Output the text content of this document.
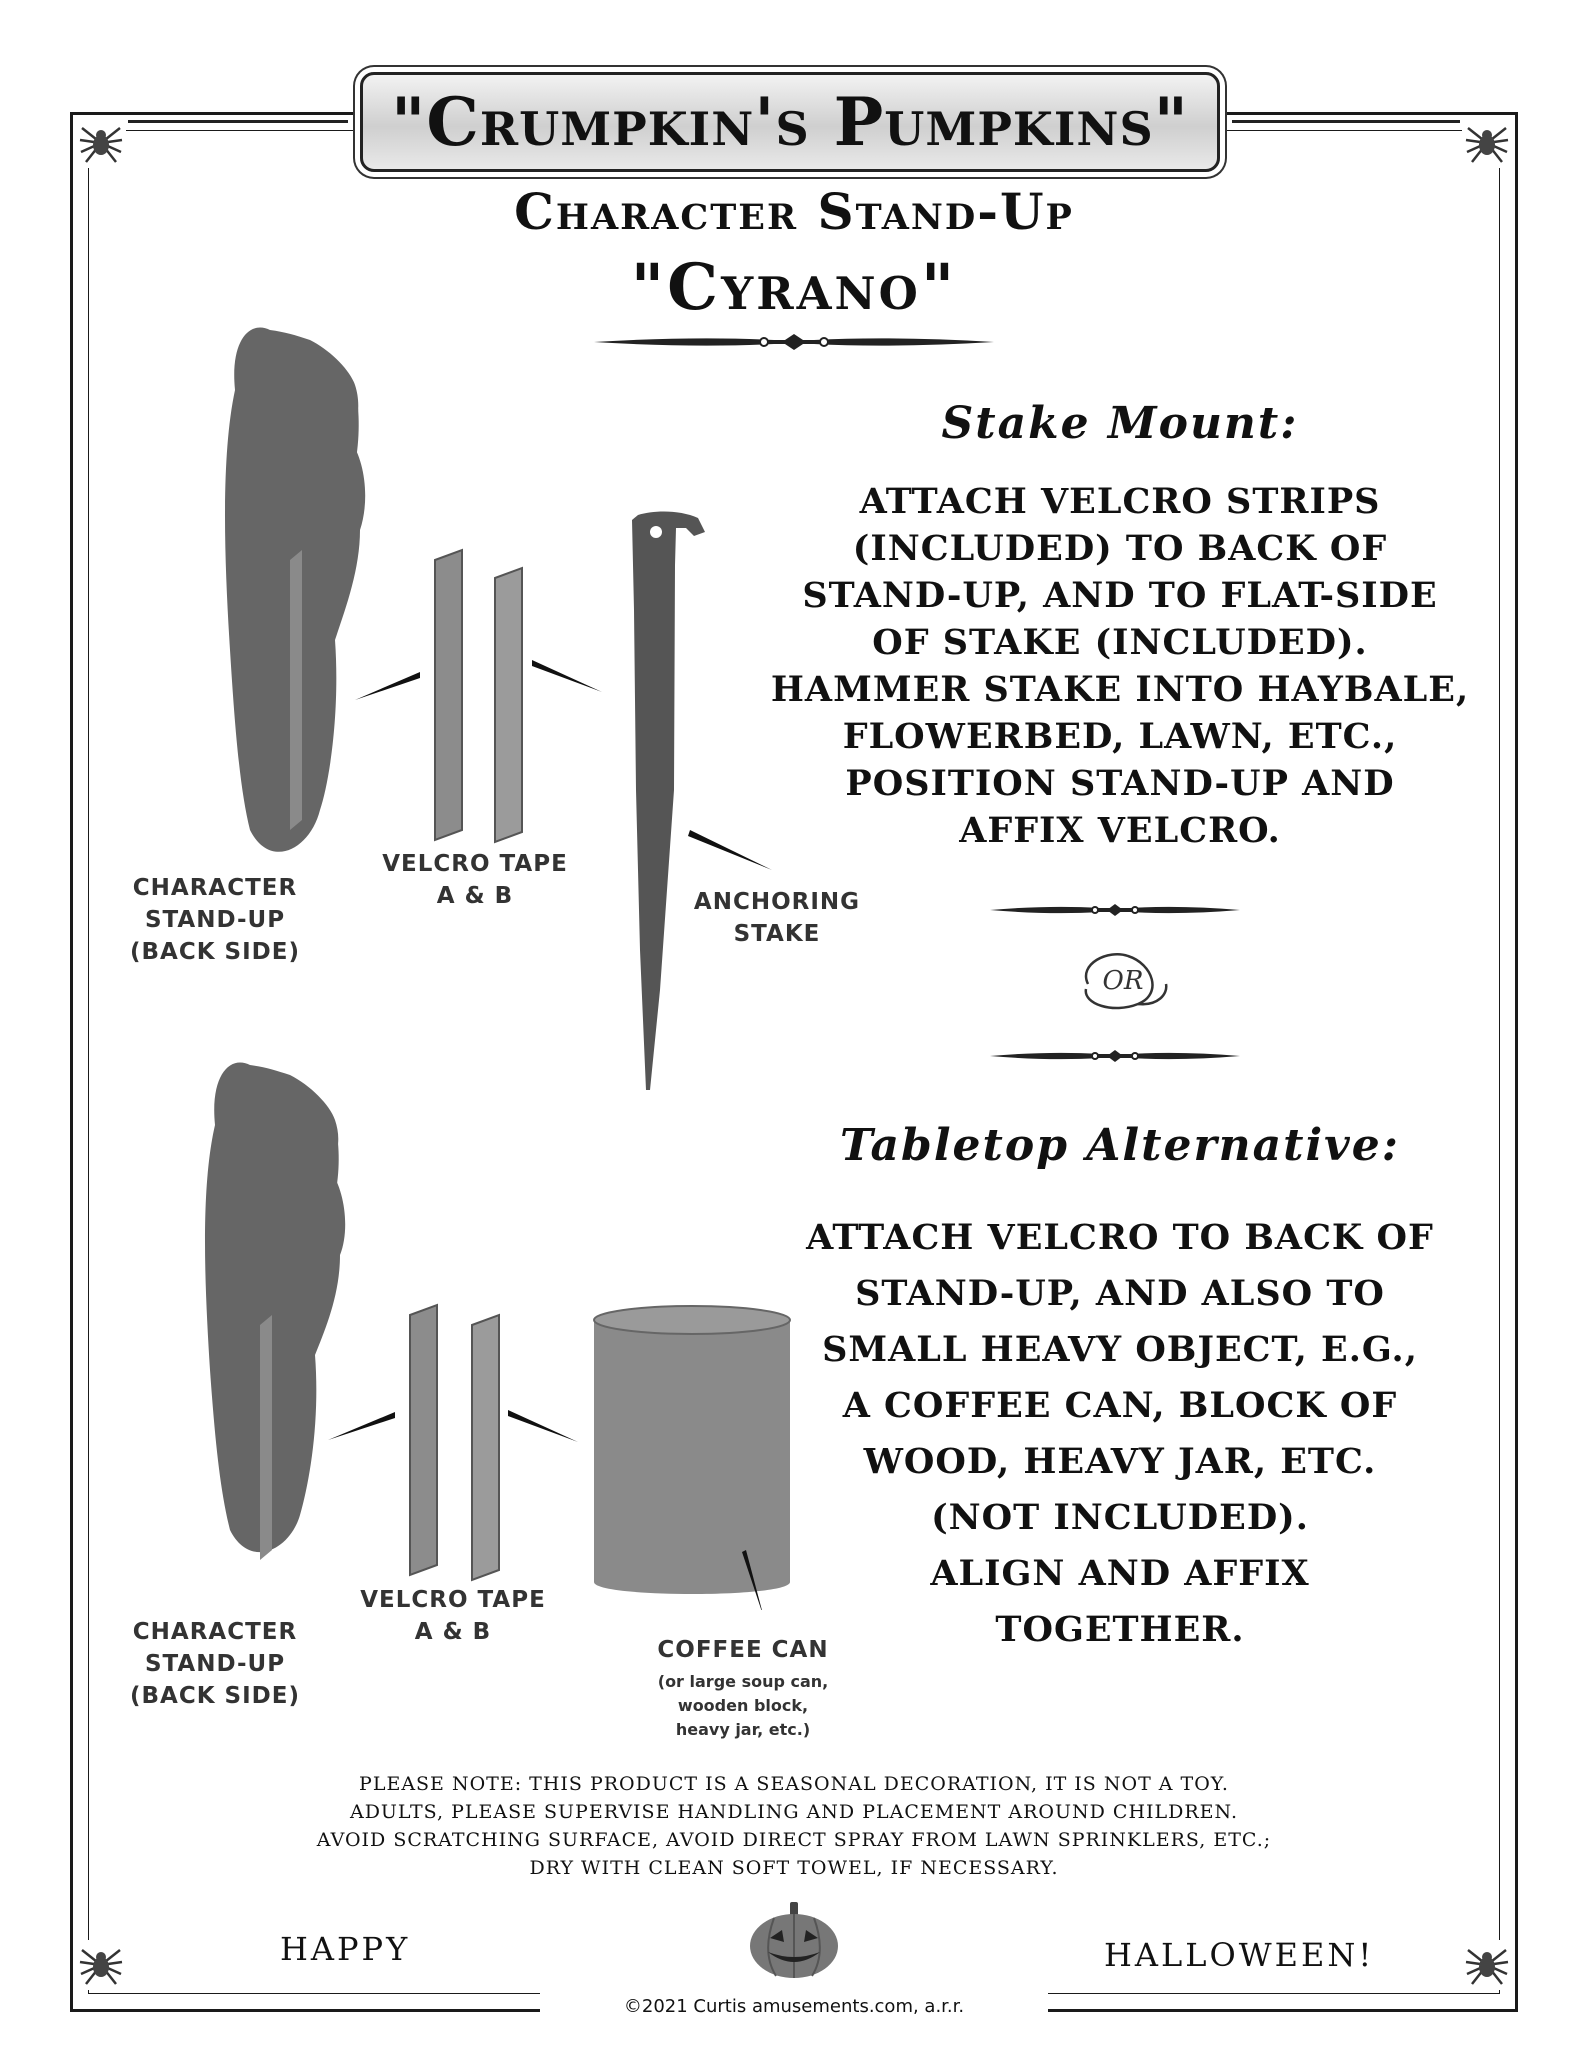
"Crumpkin's Pumpkins"
Character Stand-Up
"Cyrano"
Stake Mount:
ATTACH VELCRO STRIPS
(INCLUDED) TO BACK OF
STAND-UP, AND TO FLAT-SIDE
OF STAKE (INCLUDED).
HAMMER STAKE INTO HAYBALE,
FLOWERBED, LAWN, ETC.,
POSITION STAND-UP AND
AFFIX VELCRO.
CHARACTER
STAND-UP
(BACK SIDE)
VELCRO TAPE
A & B	ANCHORING
STAKE
OR
Tabletop Alternative:
ATTACH VELCRO TO BACK OF
STAND-UP, AND ALSO TO
SMALL HEAVY OBJECT, E.G.,
A COFFEE CAN, BLOCK OF
WOOD, HEAVY JAR, ETC.
(NOT INCLUDED).
ALIGN AND AFFIX
TOGETHER.
CHARACTER
STAND-UP
(BACK SIDE)
VELCRO TAPE
A & B
COFFEE CAN
(or large soup can,
wooden block,
heavy jar, etc.)
PLEASE NOTE: THIS PRODUCT IS A SEASONAL DECORATION, IT IS NOT A TOY.
ADULTS, PLEASE SUPERVISE HANDLING AND PLACEMENT AROUND CHILDREN.
AVOID SCRATCHING SURFACE, AVOID DIRECT SPRAY FROM LAWN SPRINKLERS, ETC.;
DRY WITH CLEAN SOFT TOWEL, IF NECESSARY.
HAPPY	HALLOWEEN!
©2021 Curtis amusements.com, a.r.r.
